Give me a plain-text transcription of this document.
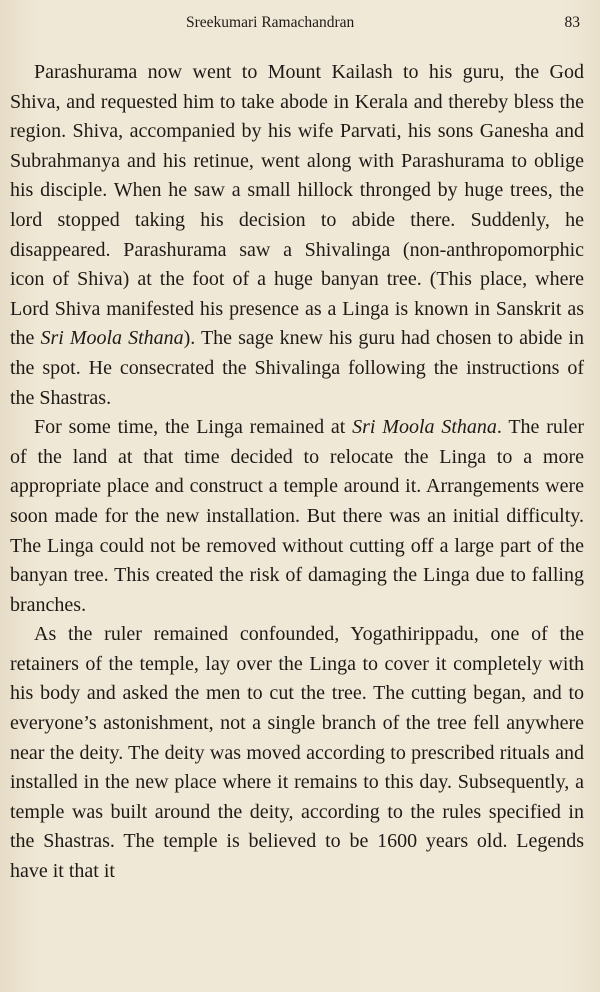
Sreekumari Ramachandran	83

Parashurama now went to Mount Kailash to his guru, the God Shiva, and requested him to take abode in Kerala and thereby bless the region. Shiva, accompanied by his wife Parvati, his sons Ganesha and Subrahmanya and his retinue, went along with Parashurama to oblige his disciple. When he saw a small hillock thronged by huge trees, the lord stopped taking his decision to abide there. Suddenly, he disappeared. Parashurama saw a Shivalinga (non-anthropomorphic icon of Shiva) at the foot of a huge banyan tree. (This place, where Lord Shiva manifested his presence as a Linga is known in Sanskrit as the Sri Moola Sthana). The sage knew his guru had chosen to abide in the spot. He consecrated the Shivalinga following the instructions of the Shastras.

For some time, the Linga remained at Sri Moola Sthana. The ruler of the land at that time decided to relocate the Linga to a more appropriate place and construct a temple around it. Arrangements were soon made for the new installation. But there was an initial difficulty. The Linga could not be removed without cutting off a large part of the banyan tree. This created the risk of damaging the Linga due to falling branches.

As the ruler remained confounded, Yogathirippadu, one of the retainers of the temple, lay over the Linga to cover it completely with his body and asked the men to cut the tree. The cutting began, and to everyone’s astonishment, not a single branch of the tree fell anywhere near the deity. The deity was moved according to prescribed rituals and installed in the new place where it remains to this day. Subsequently, a temple was built around the deity, according to the rules specified in the Shastras. The temple is believed to be 1600 years old. Legends have it that it
